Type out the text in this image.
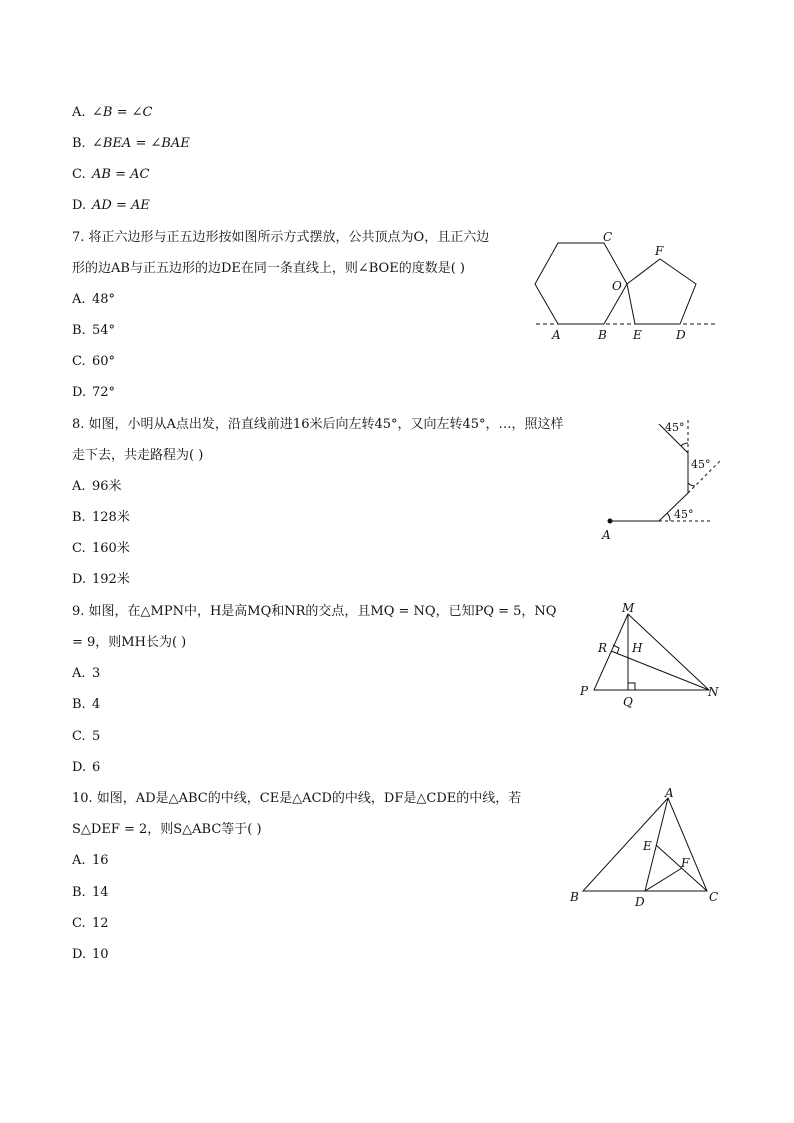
A. ∠B = ∠C
B. ∠BEA = ∠BAE
C. AB = AC
D. AD = AE
7. 将正六边形与正五边形按如图所示方式摆放，公共顶点为O，且正六边
形的边AB与正五边形的边DE在同一条直线上，则∠BOE的度数是( )
A. 48°
B. 54°
C. 60°
D. 72°
C
F
O
A	B E	D
8. 如图，小明从A点出发，沿直线前进16米后向左转45°，又向左转45°，…，照这样
走下去，共走路程为( )
A. 96米
B. 128米
C. 160米
D. 192米
45°
45°
45°
A
9. 如图，在△MPN中，H是高MQ和NR的交点，且MQ = NQ，已知PQ = 5，NQ
= 9，则MH长为( )
A. 3
B. 4
C. 5
D. 6
M
R H
P
Q
N
10. 如图，AD是△ABC的中线，CE是△ACD的中线，DF是△CDE的中线，若
S△DEF = 2，则S△ABC等于( )
A. 16
B. 14
C. 12
D. 10
A
E
F
B	D	C
